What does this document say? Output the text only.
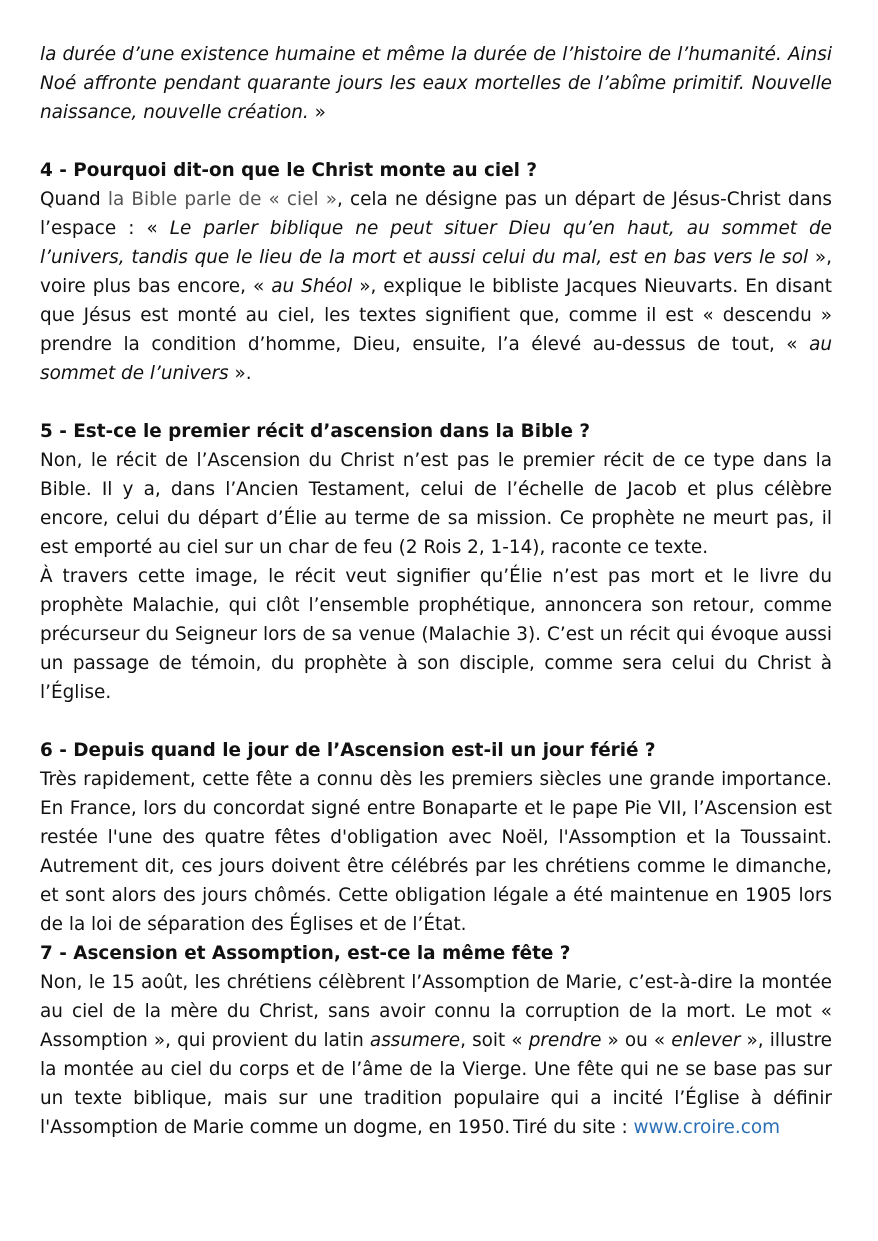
la durée d’une existence humaine et même la durée de l’histoire de l’humanité. Ainsi Noé affronte pendant quarante jours les eaux mortelles de l’abîme primitif. Nouvelle naissance, nouvelle création. »

4 - Pourquoi dit-on que le Christ monte au ciel ?

Quand la Bible parle de « ciel », cela ne désigne pas un départ de Jésus-Christ dans l’espace : « Le parler biblique ne peut situer Dieu qu’en haut, au sommet de l’univers, tandis que le lieu de la mort et aussi celui du mal, est en bas vers le sol », voire plus bas encore, « au Shéol », explique le bibliste Jacques Nieuvarts. En disant que Jésus est monté au ciel, les textes signifient que, comme il est « descendu » prendre la condition d’homme, Dieu, ensuite, l’a élevé au-dessus de tout, « au sommet de l’univers ».

5 - Est-ce le premier récit d’ascension dans la Bible ?

Non, le récit de l’Ascension du Christ n’est pas le premier récit de ce type dans la Bible. Il y a, dans l’Ancien Testament, celui de l’échelle de Jacob et plus célèbre encore, celui du départ d’Élie au terme de sa mission. Ce prophète ne meurt pas, il est emporté au ciel sur un char de feu (2 Rois 2, 1-14), raconte ce texte.

À travers cette image, le récit veut signifier qu’Élie n’est pas mort et le livre du prophète Malachie, qui clôt l’ensemble prophétique, annoncera son retour, comme précurseur du Seigneur lors de sa venue (Malachie 3). C’est un récit qui évoque aussi un passage de témoin, du prophète à son disciple, comme sera celui du Christ à l’Église.

6 - Depuis quand le jour de l’Ascension est-il un jour férié ?

Très rapidement, cette fête a connu dès les premiers siècles une grande importance. En France, lors du concordat signé entre Bonaparte et le pape Pie VII, l’Ascension est restée l'une des quatre fêtes d'obligation avec Noël, l'Assomption et la Toussaint. Autrement dit, ces jours doivent être célébrés par les chrétiens comme le dimanche, et sont alors des jours chômés. Cette obligation légale a été maintenue en 1905 lors de la loi de séparation des Églises et de l’État.

7 - Ascension et Assomption, est-ce la même fête ?

Non, le 15 août, les chrétiens célèbrent l’Assomption de Marie, c’est-à-dire la montée au ciel de la mère du Christ, sans avoir connu la corruption de la mort. Le mot « Assomption », qui provient du latin assumere, soit « prendre » ou « enlever », illustre la montée au ciel du corps et de l’âme de la Vierge. Une fête qui ne se base pas sur un texte biblique, mais sur une tradition populaire qui a incité l’Église à définir l'Assomption de Marie comme un dogme, en 1950. Tiré du site : www.croire.com
